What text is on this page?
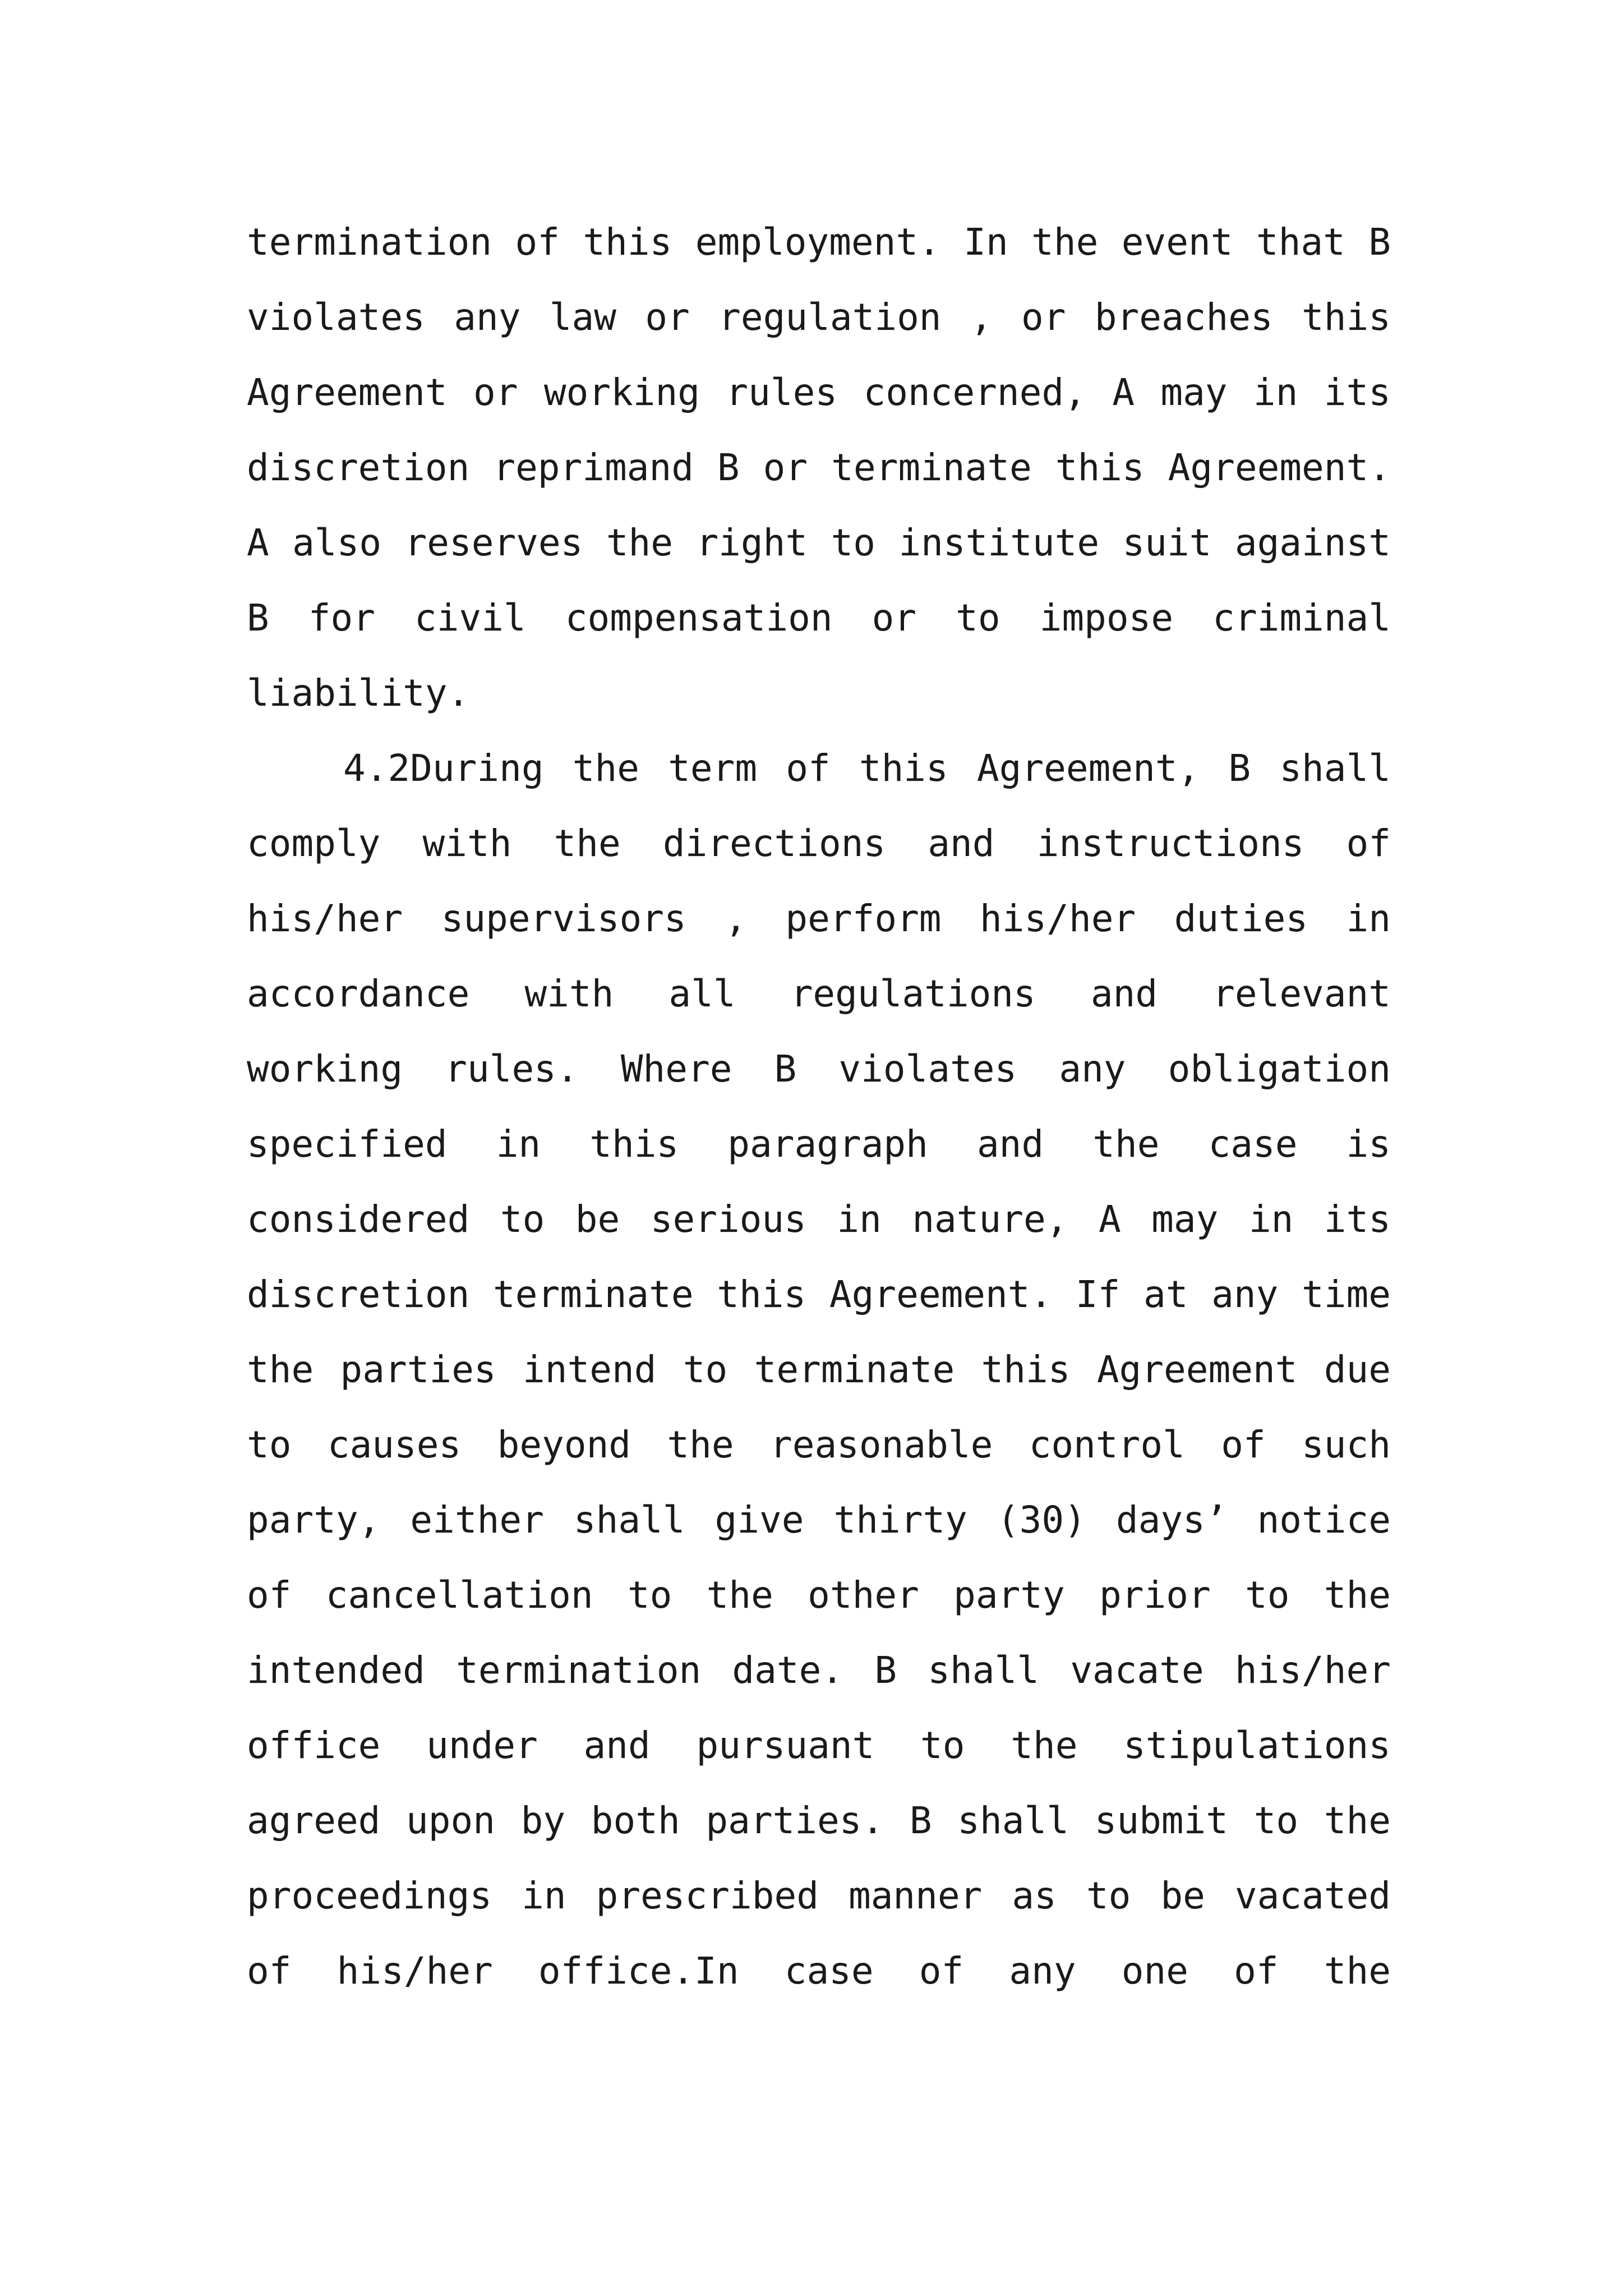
termination of this employment. In the event that B
violates any law or regulation , or breaches this
Agreement or working rules concerned, A may in its
discretion reprimand B or terminate this Agreement.
A also reserves the right to institute suit against
B for civil compensation or to impose criminal
liability.
4.2During the term of this Agreement, B shall
comply with the directions and instructions of
his/her supervisors , perform his/her duties in
accordance with all regulations and relevant
working rules. Where B violates any obligation
specified in this paragraph and the case is
considered to be serious in nature, A may in its
discretion terminate this Agreement. If at any time
the parties intend to terminate this Agreement due
to causes beyond the reasonable control of such
party, either shall give thirty (30) days’ notice
of cancellation to the other party prior to the
intended termination date. B shall vacate his/her
office under and pursuant to the stipulations
agreed upon by both parties. B shall submit to the
proceedings in prescribed manner as to be vacated
of his/her office.In case of any one of the
